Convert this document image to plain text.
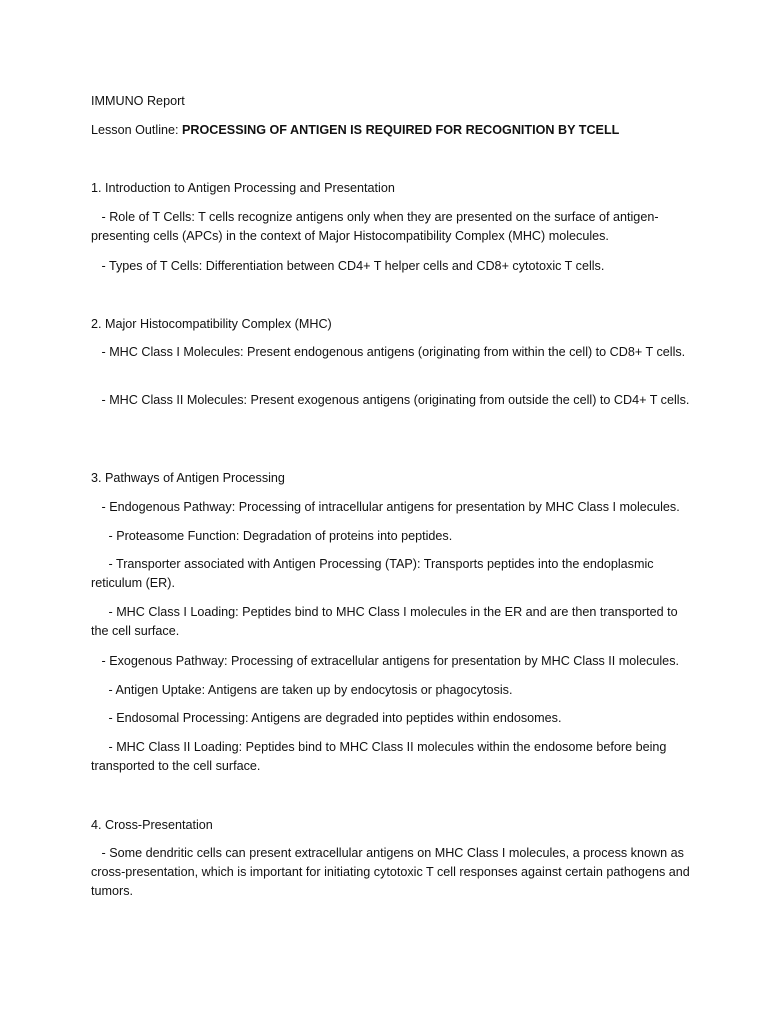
IMMUNO Report
Lesson Outline: PROCESSING OF ANTIGEN IS REQUIRED FOR RECOGNITION BY TCELL
1. Introduction to Antigen Processing and Presentation
- Role of T Cells: T cells recognize antigens only when they are presented on the surface of antigen-presenting cells (APCs) in the context of Major Histocompatibility Complex (MHC) molecules.
- Types of T Cells: Differentiation between CD4+ T helper cells and CD8+ cytotoxic T cells.
2. Major Histocompatibility Complex (MHC)
- MHC Class I Molecules: Present endogenous antigens (originating from within the cell) to CD8+ T cells.
- MHC Class II Molecules: Present exogenous antigens (originating from outside the cell) to CD4+ T cells.
3. Pathways of Antigen Processing
- Endogenous Pathway: Processing of intracellular antigens for presentation by MHC Class I molecules.
- Proteasome Function: Degradation of proteins into peptides.
- Transporter associated with Antigen Processing (TAP): Transports peptides into the endoplasmic reticulum (ER).
- MHC Class I Loading: Peptides bind to MHC Class I molecules in the ER and are then transported to the cell surface.
- Exogenous Pathway: Processing of extracellular antigens for presentation by MHC Class II molecules.
- Antigen Uptake: Antigens are taken up by endocytosis or phagocytosis.
- Endosomal Processing: Antigens are degraded into peptides within endosomes.
- MHC Class II Loading: Peptides bind to MHC Class II molecules within the endosome before being transported to the cell surface.
4. Cross-Presentation
- Some dendritic cells can present extracellular antigens on MHC Class I molecules, a process known as cross-presentation, which is important for initiating cytotoxic T cell responses against certain pathogens and tumors.
